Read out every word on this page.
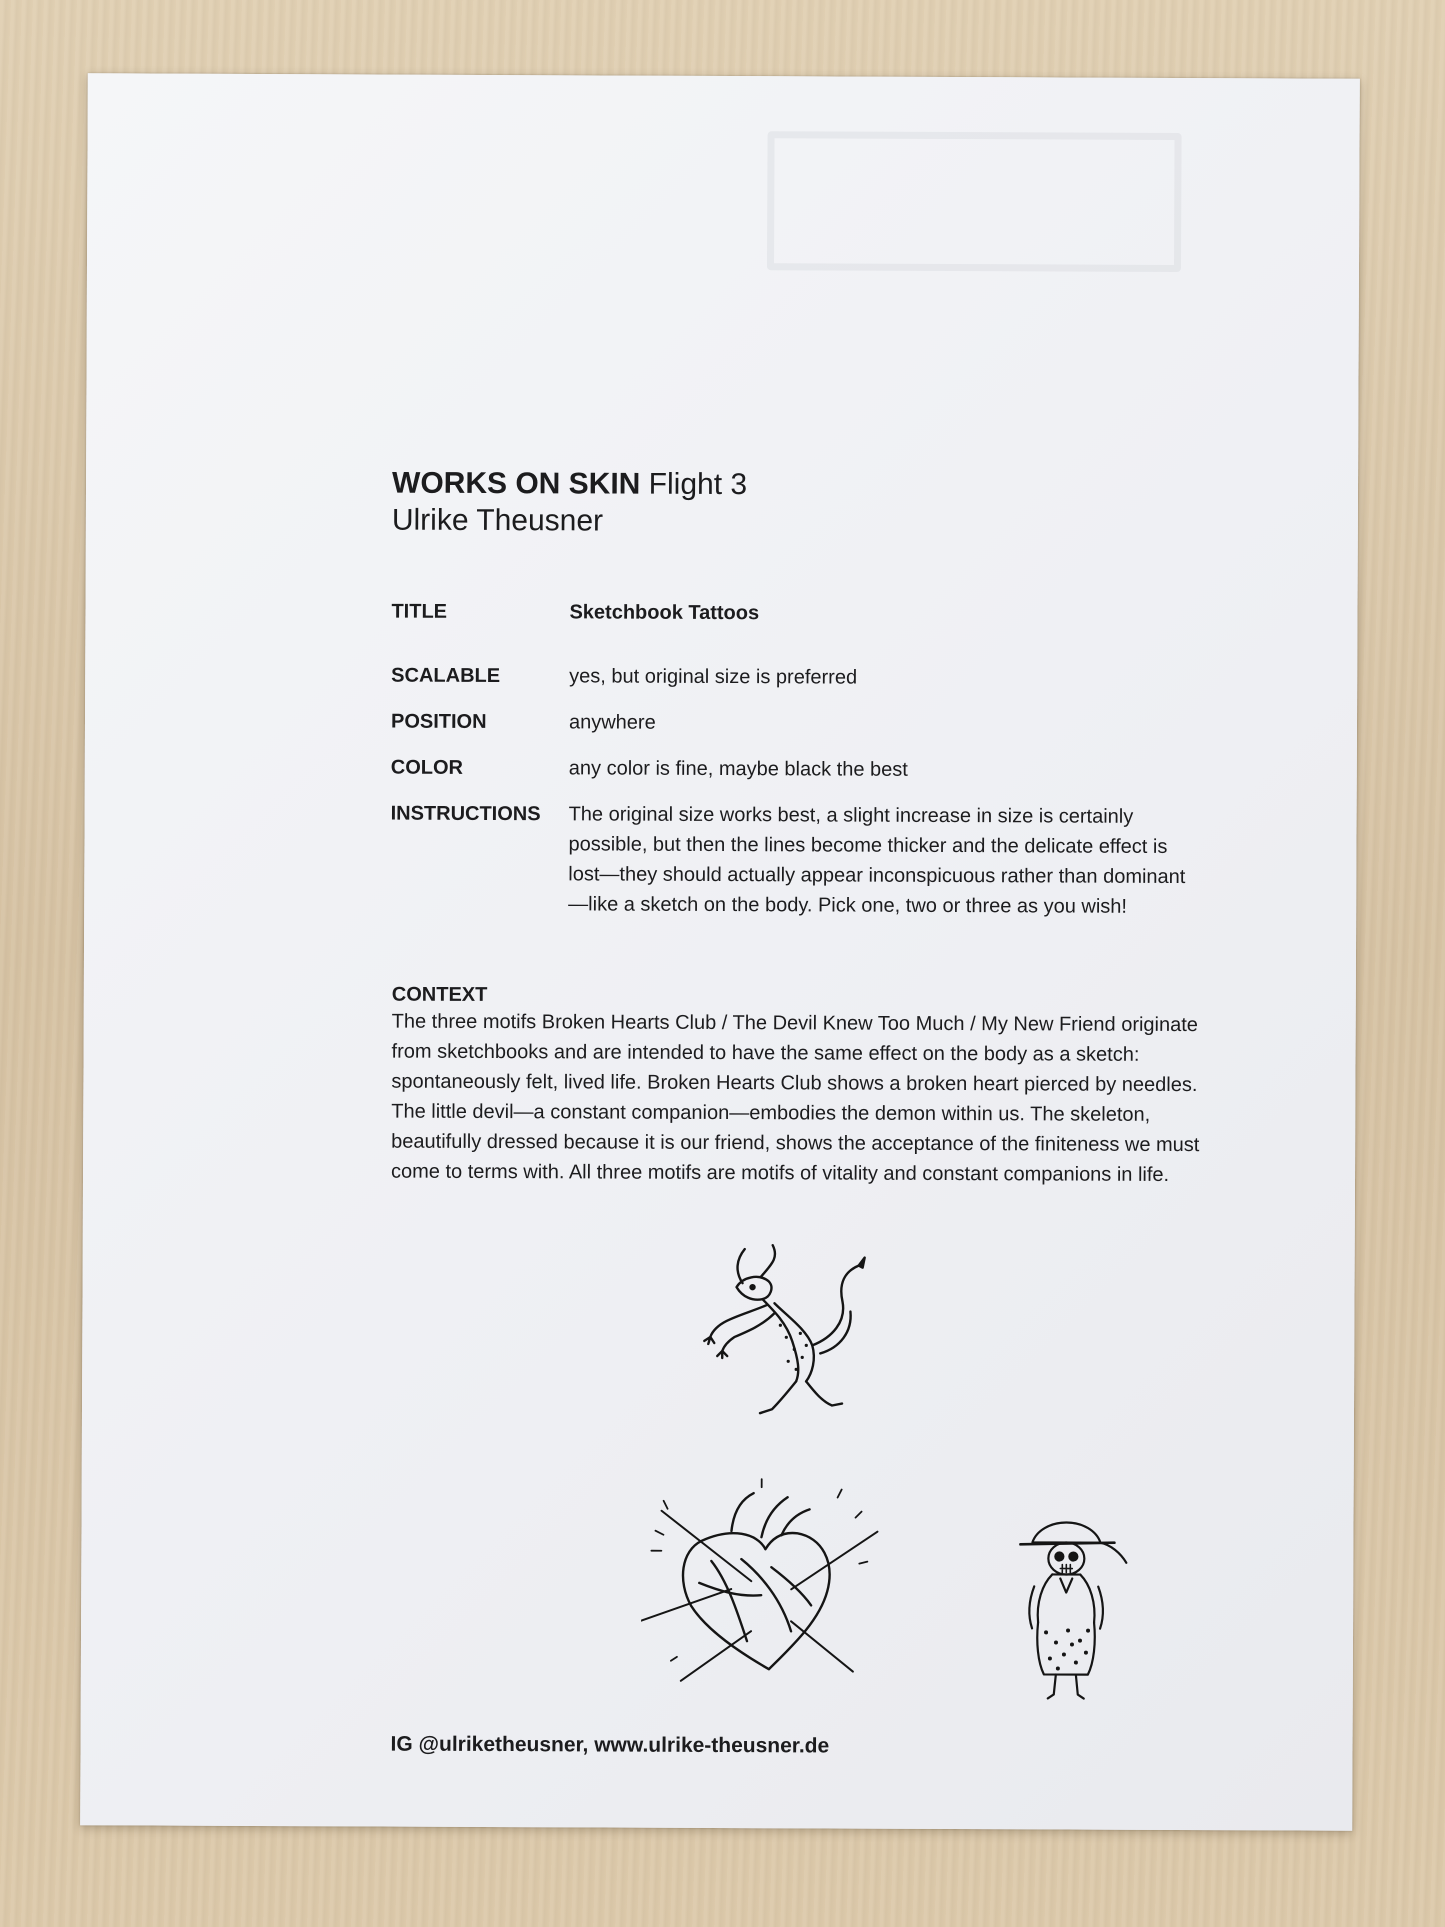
​
WORKS ON SKIN Flight 3
Ulrike Theusner
TITLE	Sketchbook Tattoos
SCALABLE	yes, but original size is preferred
POSITION	anywhere
COLOR	any color is fine, maybe black the best
INSTRUCTIONS	The original size works best, a slight increase in size is certainly possible, but then the lines become thicker and the delicate effect is lost—they should actually appear inconspicuous rather than dominant—like a sketch on the body. Pick one, two or three as you wish!
CONTEXT
The three motifs Broken Hearts Club / The Devil Knew Too Much / My New Friend originate from sketchbooks and are intended to have the same effect on the body as a sketch: spontaneously felt, lived life. Broken Hearts Club shows a broken heart pierced by needles. The little devil—a constant companion—embodies the demon within us. The skeleton, beautifully dressed because it is our friend, shows the acceptance of the finiteness we must come to terms with. All three motifs are motifs of vitality and constant companions in life.
IG @ulriketheusner, www.ulrike-theusner.de
